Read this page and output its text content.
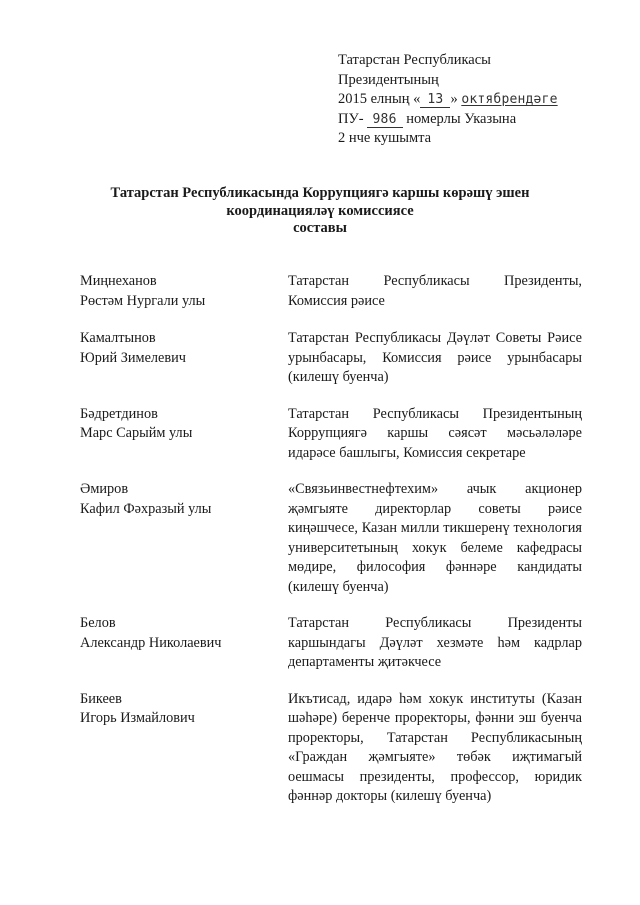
Татарстан Республикасы
Президентының
2015 елның « 13 » октябрендәге
ПУ- 986 номерлы Указына
2 нче кушымта
Татарстан Республикасында Коррупциягә каршы көрәшү эшен
координацияләү комиссиясе
составы
Миңнеханов
Рөстәм Нургали улы
Татарстан Республикасы Президенты, Комиссия рәисе
Камалтынов
Юрий Зимелевич
Татарстан Республикасы Дәүләт Советы Рәисе урынбасары, Комиссия рәисе урынбасары (килешү буенча)
Бәдретдинов
Марс Сарыйм улы
Татарстан Республикасы Президентының Коррупциягә каршы сәясәт мәсьәләләре идарәсе башлыгы, Комиссия секретаре
Әмиров
Кафил Фәхразый улы
«Связьинвестнефтехим» ачык акционер җәмгыяте директорлар советы рәисе киңәшчесе, Казан милли тикшеренү технология университетының хокук белеме кафедрасы мөдире, философия фәннәре кандидаты (килешү буенча)
Белов
Александр Николаевич
Татарстан Республикасы Президенты каршындагы Дәүләт хезмәте һәм кадрлар департаменты җитәкчесе
Бикеев
Игорь Измайлович
Икътисад, идарә һәм хокук институты (Казан шәһәре) беренче проректоры, фәнни эш буенча проректоры, Татарстан Республикасының «Граждан җәмгыяте» төбәк иҗтимагый оешмасы президенты, профессор, юридик фәннәр докторы (килешү буенча)
